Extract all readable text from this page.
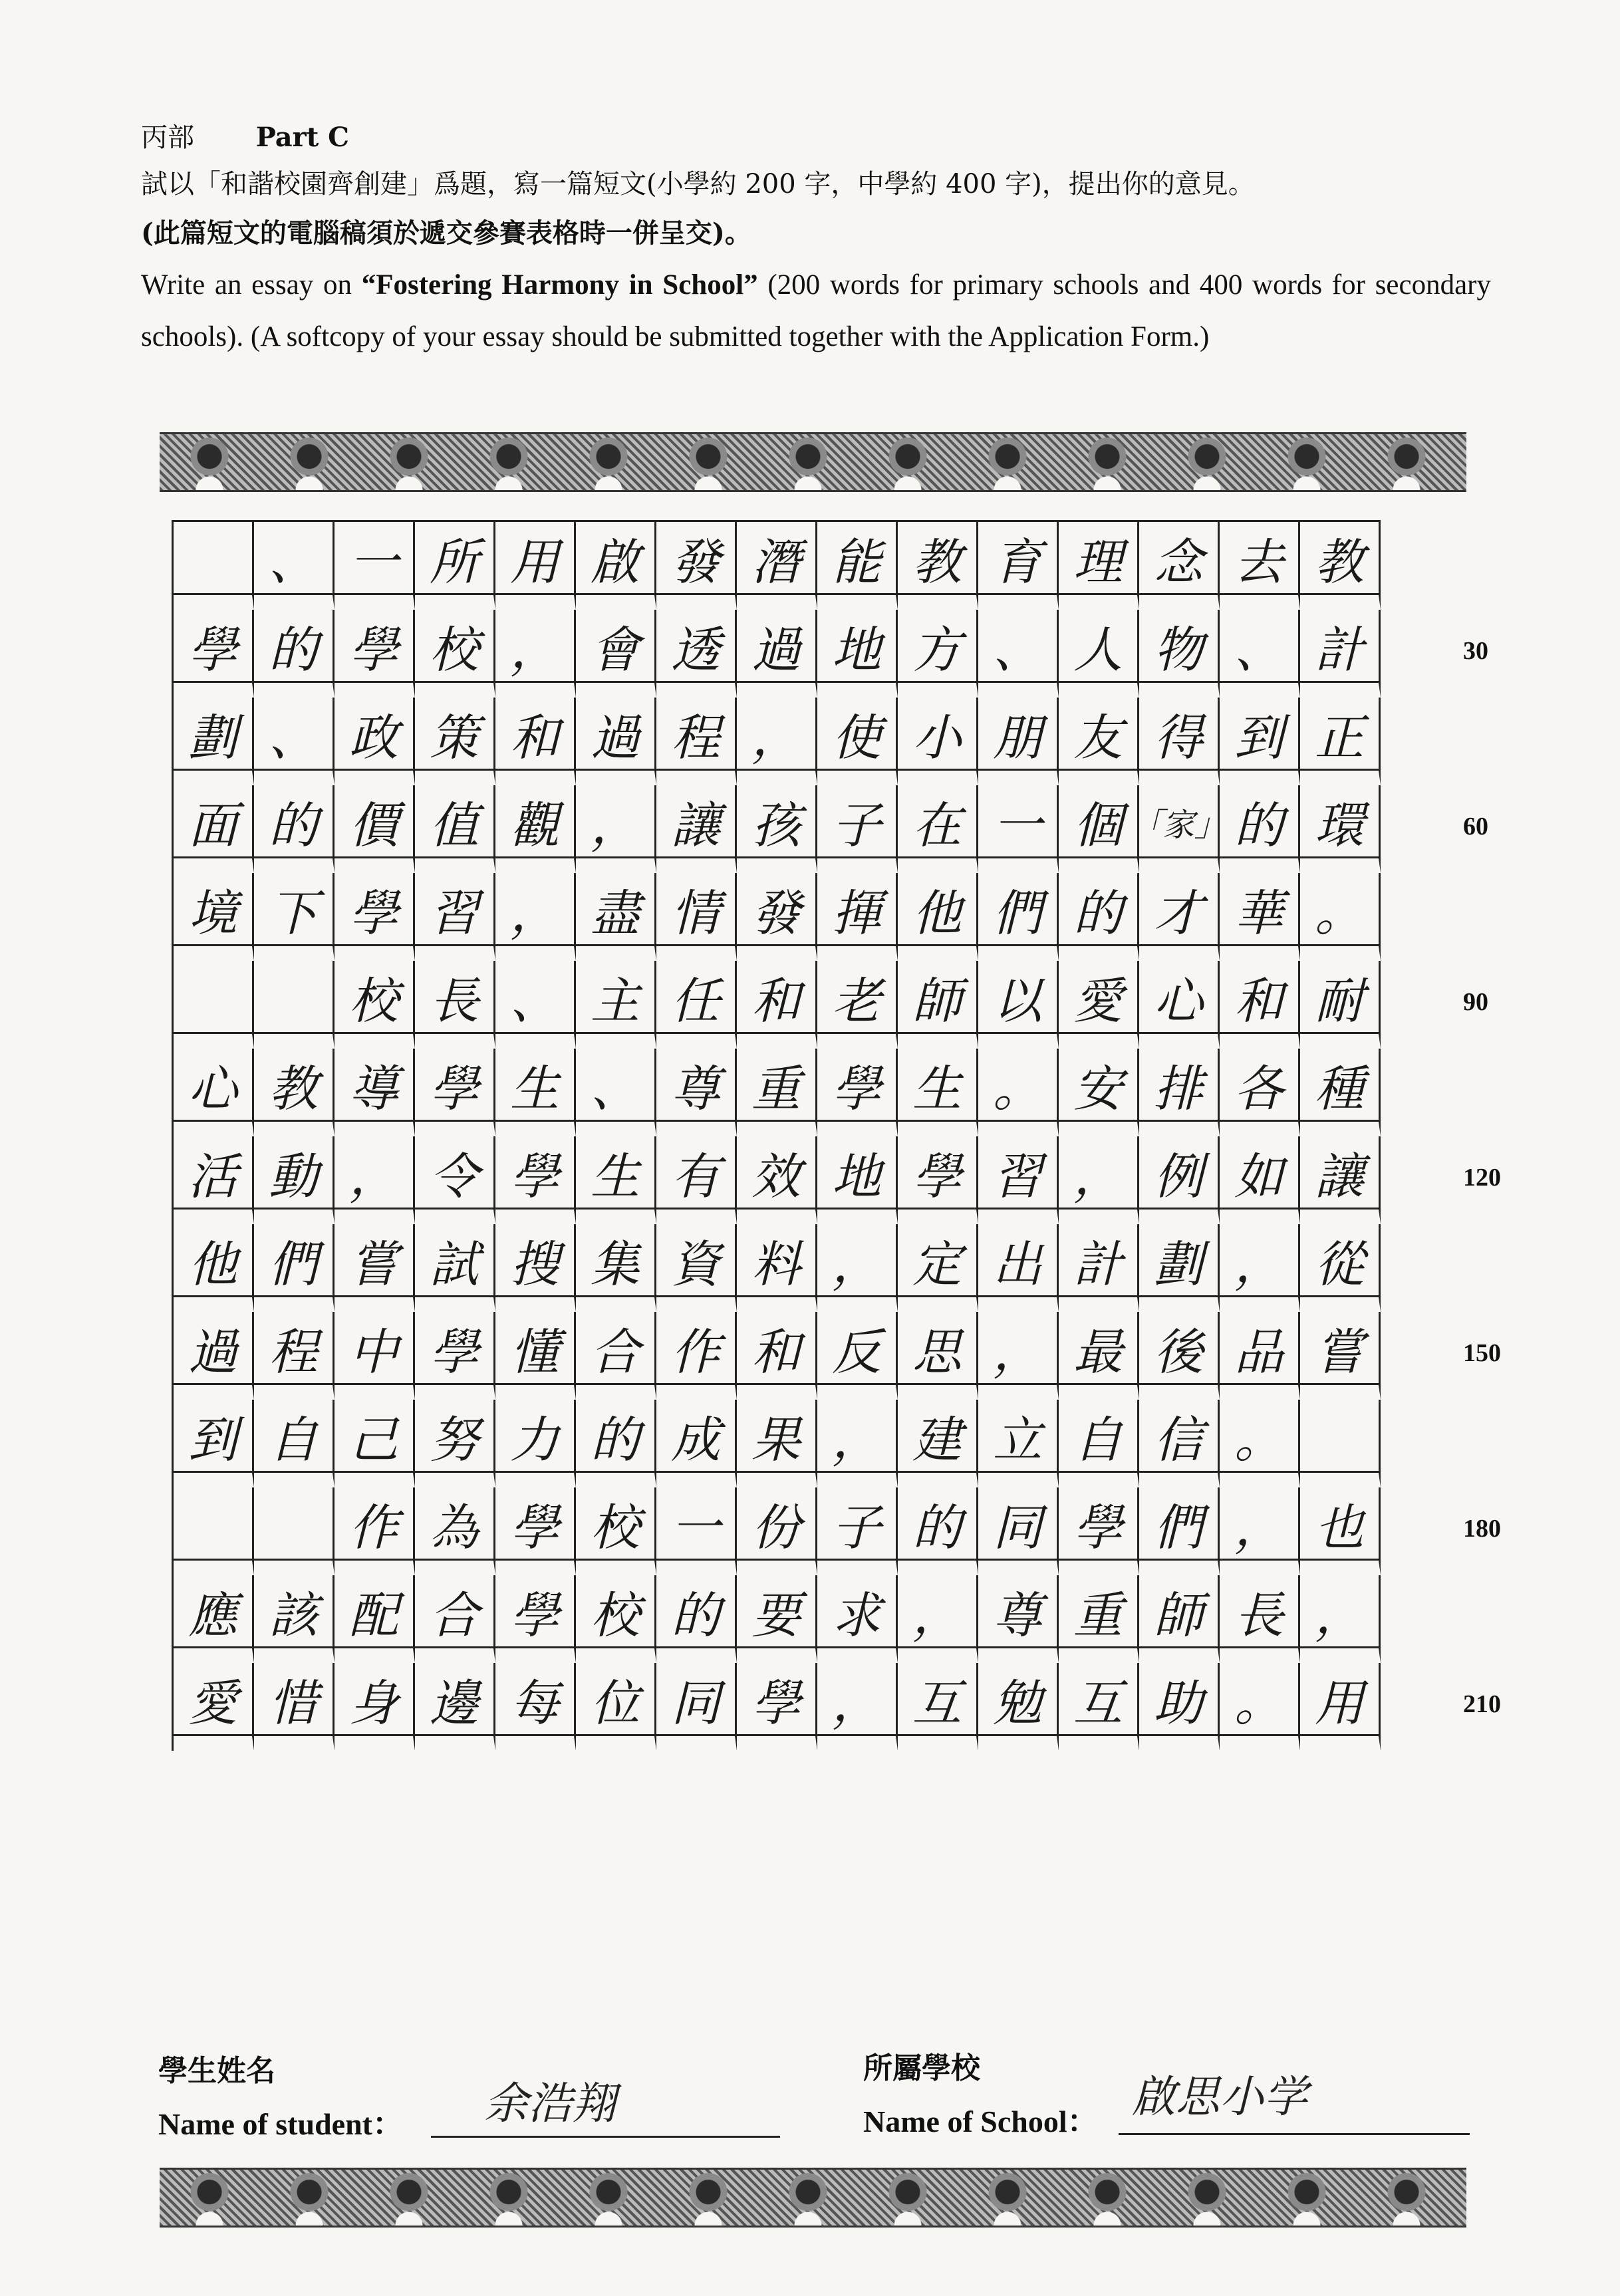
丙部 Part C
試以「和諧校園齊創建」爲題，寫一篇短文(小學約 200 字，中學約 400 字)，提出你的意見。
(此篇短文的電腦稿須於遞交參賽表格時一併呈交)。
Write an essay on “Fostering Harmony in School” (200 words for primary schools and 400 words for secondary schools). (A softcopy of your essay should be submitted together with the Application Form.)
、 一 所 用 啟 發 潛 能 教 育 理 念 去 教
學 的 學 校 ， 會 透 過 地 方 、 人 物 、 計
劃 、 政 策 和 過 程 ， 使 小 朋 友 得 到 正
面 的 價 值 觀 ， 讓 孩 子 在 一 個 「家」 的 環
境 下 學 習 ， 盡 情 發 揮 他 們 的 才 華 。
校 長 、 主 任 和 老 師 以 愛 心 和 耐
心 教 導 學 生 、 尊 重 學 生 。 安 排 各 種
活 動 ， 令 學 生 有 效 地 學 習 ， 例 如 讓
他 們 嘗 試 搜 集 資 料 ， 定 出 計 劃 ， 從
過 程 中 學 懂 合 作 和 反 思 ， 最 後 品 嘗
到 自 己 努 力 的 成 果 ， 建 立 自 信 。
作 為 學 校 一 份 子 的 同 學 們 ， 也
應 該 配 合 學 校 的 要 求 ， 尊 重 師 長 ，
愛 惜 身 邊 每 位 同 學 ， 互 勉 互 助 。 用
30
60
90
120
150
180
210
學生姓名
Name of student： 余浩翔
所屬學校
Name of School： 啟思小学
